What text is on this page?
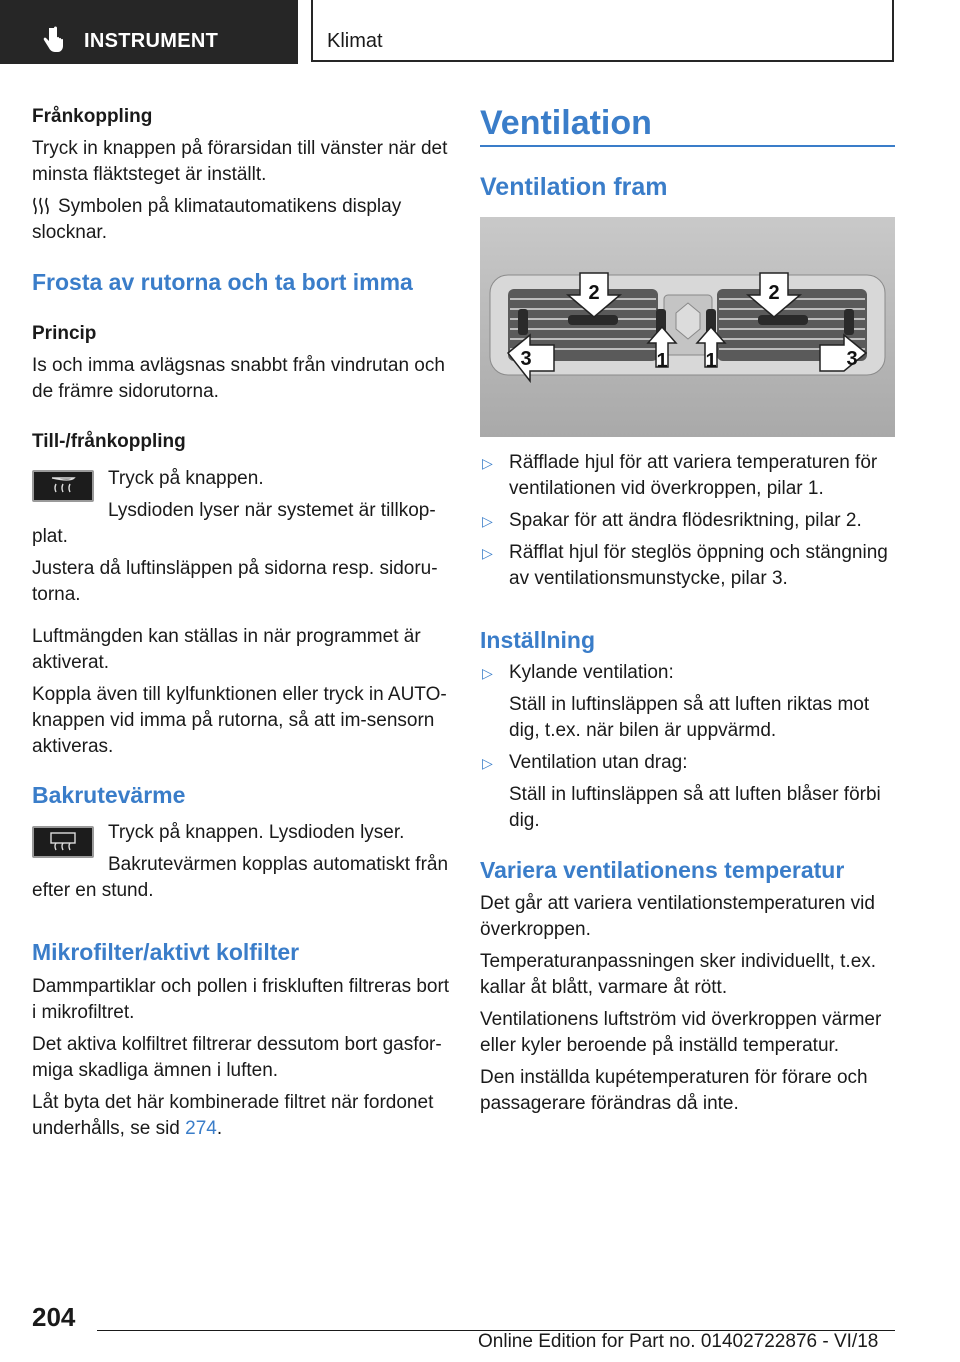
INSTRUMENT	Klimat
Frånkoppling
Tryck in knappen på förarsidan till vänster när det minsta fläktsteget är inställt.
Symbolen på klimatautomatikens display slocknar.
Frosta av rutorna och ta bort imma
Princip
Is och imma avlägsnas snabbt från vindrutan och de främre sidorutorna.
Till-/frånkoppling
Tryck på knappen.
Lysdioden lyser när systemet är tillkop-plat.
Justera då luftinsläppen på sidorna resp. sidoru-torna.
Luftmängden kan ställas in när programmet är aktiverat.
Koppla även till kylfunktionen eller tryck in AUTO-knappen vid imma på rutorna, så att im-sensorn aktiveras.
Bakrutevärme
Tryck på knappen. Lysdioden lyser.
Bakrutevärmen kopplas automatiskt från efter en stund.
Mikrofilter/aktivt kolfilter
Dammpartiklar och pollen i friskluften filtreras bort i mikrofiltret.
Det aktiva kolfiltret filtrerar dessutom bort gasfor-miga skadliga ämnen i luften.
Låt byta det här kombinerade filtret när fordonet underhålls, se sid 274.
Ventilation
Ventilation fram
2	2
3	1 1	3
▷ Räfflade hjul för att variera temperaturen för ventilationen vid överkroppen, pilar 1.
▷ Spakar för att ändra flödesriktning, pilar 2.
▷ Räfflat hjul för steglös öppning och stängning av ventilationsmunstycke, pilar 3.
Inställning
▷ Kylande ventilation:
Ställ in luftinsläppen så att luften riktas mot dig, t.ex. när bilen är uppvärmd.
▷ Ventilation utan drag:
Ställ in luftinsläppen så att luften blåser förbi dig.
Variera ventilationens temperatur
Det går att variera ventilationstemperaturen vid överkroppen.
Temperaturanpassningen sker individuellt, t.ex. kallar åt blått, varmare åt rött.
Ventilationens luftström vid överkroppen värmer eller kyler beroende på inställd temperatur.
Den inställda kupétemperaturen för förare och passagerare förändras då inte.
204
Online Edition for Part no. 01402722876 - VI/18
